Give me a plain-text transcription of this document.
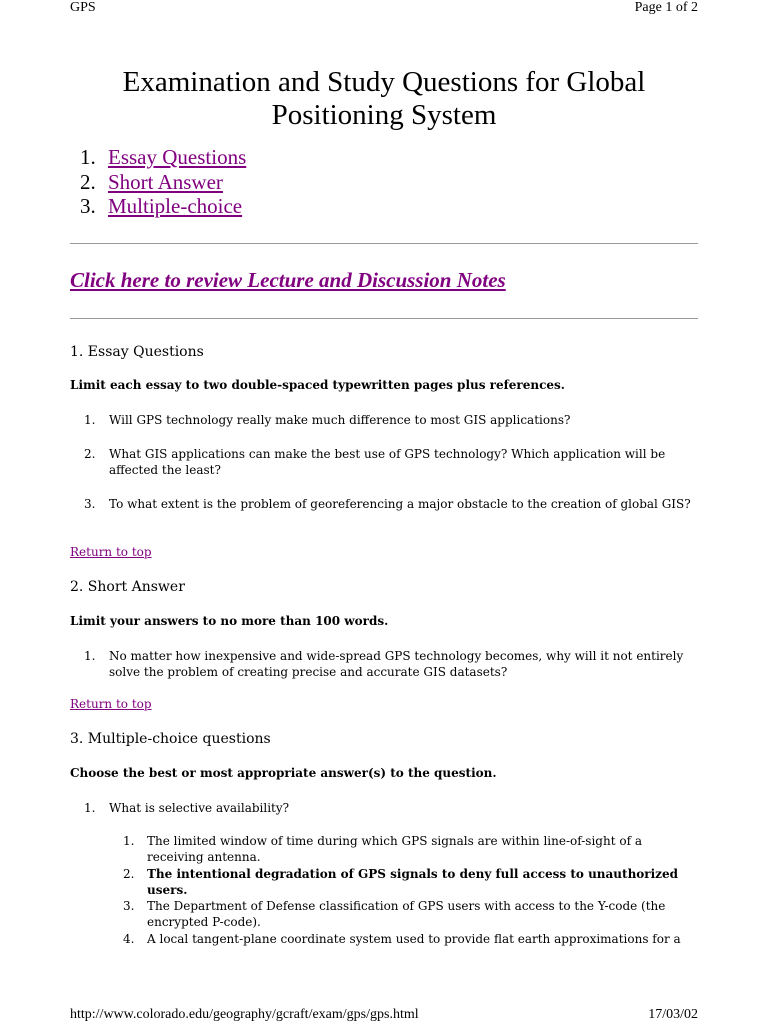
GPS	Page 1 of 2
Examination and Study Questions for Global Positioning System
1. Essay Questions
2. Short Answer
3. Multiple-choice
Click here to review Lecture and Discussion Notes
1. Essay Questions
Limit each essay to two double-spaced typewritten pages plus references.
1. Will GPS technology really make much difference to most GIS applications?
2. What GIS applications can make the best use of GPS technology? Which application will be affected the least?
3. To what extent is the problem of georeferencing a major obstacle to the creation of global GIS?
Return to top
2. Short Answer
Limit your answers to no more than 100 words.
1. No matter how inexpensive and wide-spread GPS technology becomes, why will it not entirely solve the problem of creating precise and accurate GIS datasets?
Return to top
3. Multiple-choice questions
Choose the best or most appropriate answer(s) to the question.
1. What is selective availability?
1. The limited window of time during which GPS signals are within line-of-sight of a receiving antenna.
2. The intentional degradation of GPS signals to deny full access to unauthorized users.
3. The Department of Defense classification of GPS users with access to the Y-code (the encrypted P-code).
4. A local tangent-plane coordinate system used to provide flat earth approximations for a
http://www.colorado.edu/geography/gcraft/exam/gps/gps.html	17/03/02
